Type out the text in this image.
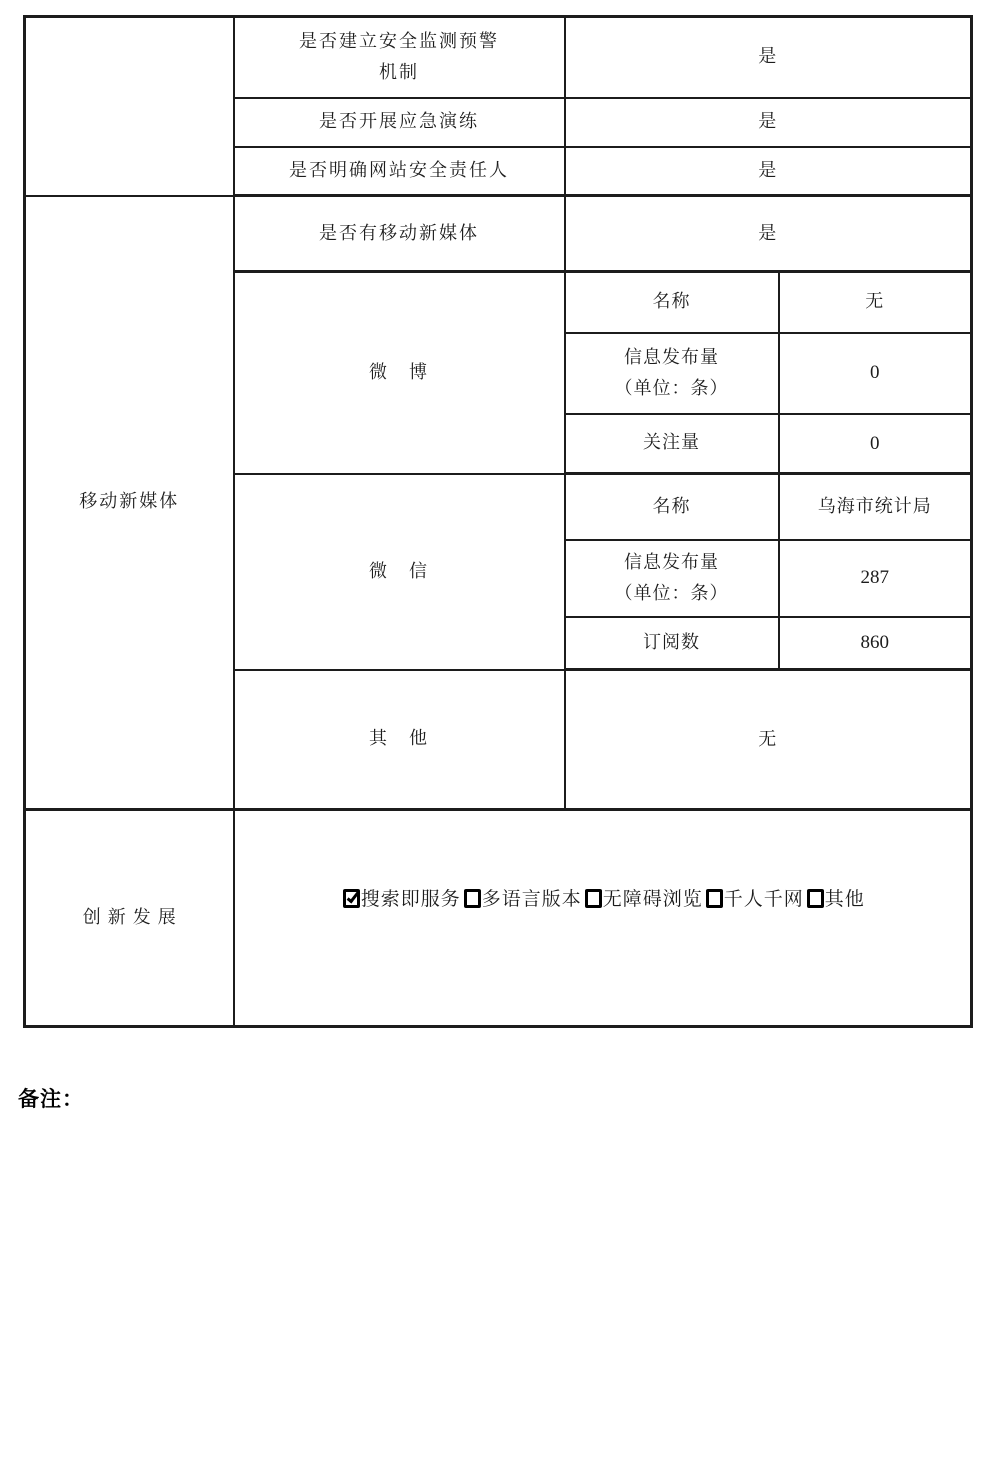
	是否建立安全监测预警
机制	是	
	是否开展应急演练	是	
	是否明确网站安全责任人	是	
移动新媒体	是否有移动新媒体	是	
	微　博	名称	无

		信息发布量
（单位：条）	0
		关注量	0
	微　信	名称	乌海市统计局

		信息发布量
（单位：条）	287
		订阅数	860
	其　他	无	
创新发展	搜索即服务 多语言版本 无障碍浏览 千人千网 其他		
备注：
